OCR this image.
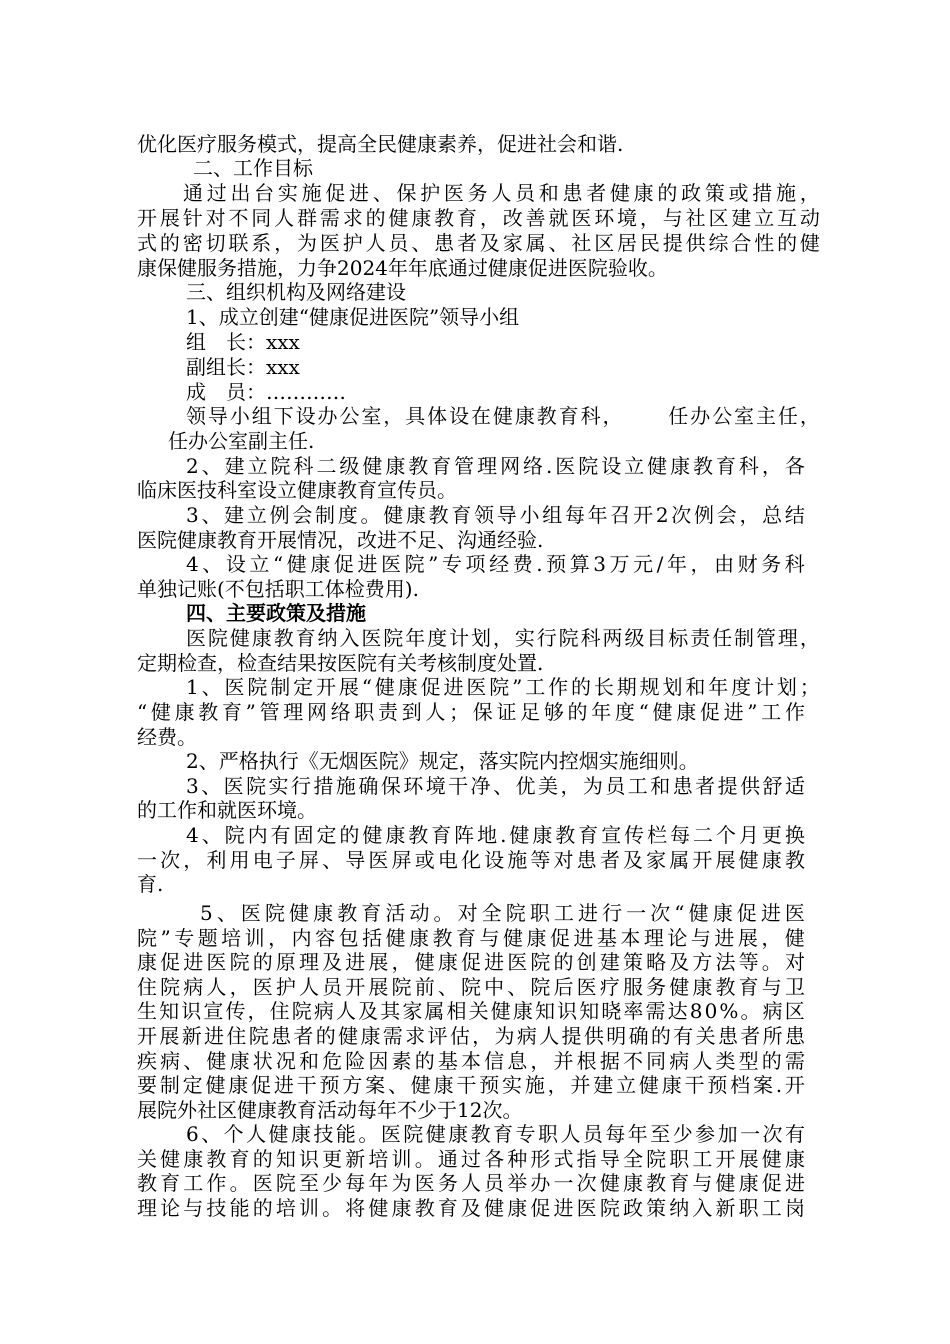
优化医疗服务模式，提高全民健康素养，促进社会和谐.
二、工作目标
通 过 出 台 实 施 促 进 、 保 护 医 务 人 员 和 患 者 健 康 的 政 策 或 措 施 ，
开 展 针 对 不 同 人 群 需 求 的 健 康 教 育 ， 改 善 就 医 环 境 ， 与 社 区 建 立 互 动
式 的 密 切 联 系 ， 为 医 护 人 员 、 患 者 及 家 属 、 社 区 居 民 提 供 综 合 性 的 健
康保健服务措施，力争2024年年底通过健康促进医院验收。
三、组织机构及网络建设
1、成立创建“健康促进医院”领导小组
组　长：xxx
副组长：xxx
成　员：…………
领 导 小 组 下 设 办 公 室 ， 具 体 设 在 健 康 教 育 科 ，

　 任 办 公 室 主 任 ，
任办公室副主任.
2 、 建 立 院 科 二 级 健 康 教 育 管 理 网 络 . 医 院 设 立 健 康 教 育 科 ， 各
临床医技科室设立健康教育宣传员。
3 、 建 立 例 会 制 度 。 健 康 教 育 领 导 小 组 每 年 召 开 2 次 例 会 ， 总 结
医院健康教育开展情况，改进不足、沟通经验.
4 、 设 立 “ 健 康 促 进 医 院 ” 专 项 经 费 . 预 算 3 万 元 / 年 ， 由 财 务 科
单独记账(不包括职工体检费用).
四、主要政策及措施
医 院 健 康 教 育 纳 入 医 院 年 度 计 划 ， 实 行 院 科 两 级 目 标 责 任 制 管 理 ，
定期检查，检查结果按医院有关考核制度处置.
1 、 医 院 制 定 开 展 “ 健 康 促 进 医 院 ” 工 作 的 长 期 规 划 和 年 度 计 划 ；
“ 健 康 教 育 ” 管 理 网 络 职 责 到 人 ； 保 证 足 够 的 年 度 “ 健 康 促 进 ” 工 作
经费。
2、严格执行《无烟医院》规定，落实院内控烟实施细则。
3 、 医 院 实 行 措 施 确 保 环 境 干 净 、 优 美 ， 为 员 工 和 患 者 提 供 舒 适
的工作和就医环境。
4 、 院 内 有 固 定 的 健 康 教 育 阵 地 . 健 康 教 育 宣 传 栏 每 二 个 月 更 换
一 次 ， 利 用 电 子 屏 、 导 医 屏 或 电 化 设 施 等 对 患 者 及 家 属 开 展 健 康 教
育.
5 、 医 院 健 康 教 育 活 动 。 对 全 院 职 工 进 行 一 次 “ 健 康 促 进 医
院 ” 专 题 培 训 ， 内 容 包 括 健 康 教 育 与 健 康 促 进 基 本 理 论 与 进 展 ， 健
康 促 进 医 院 的 原 理 及 进 展 ， 健 康 促 进 医 院 的 创 建 策 略 及 方 法 等 。 对
住 院 病 人 ， 医 护 人 员 开 展 院 前 、 院 中 、 院 后 医 疗 服 务 健 康 教 育 与 卫
生 知 识 宣 传 ， 住 院 病 人 及 其 家 属 相 关 健 康 知 识 知 晓 率 需 达 8 0 % 。 病 区
开 展 新 进 住 院 患 者 的 健 康 需 求 评 估 ， 为 病 人 提 供 明 确 的 有 关 患 者 所 患
疾 病 、 健 康 状 况 和 危 险 因 素 的 基 本 信 息 ， 并 根 据 不 同 病 人 类 型 的 需
要 制 定 健 康 促 进 干 预 方 案 、 健 康 干 预 实 施 ， 并 建 立 健 康 干 预 档 案 . 开
展院外社区健康教育活动每年不少于12次。
6 、 个 人 健 康 技 能 。 医 院 健 康 教 育 专 职 人 员 每 年 至 少 参 加 一 次 有
关 健 康 教 育 的 知 识 更 新 培 训 。 通 过 各 种 形 式 指 导 全 院 职 工 开 展 健 康
教 育 工 作 。 医 院 至 少 每 年 为 医 务 人 员 举 办 一 次 健 康 教 育 与 健 康 促 进
理 论 与 技 能 的 培 训 。 将 健 康 教 育 及 健 康 促 进 医 院 政 策 纳 入 新 职 工 岗
